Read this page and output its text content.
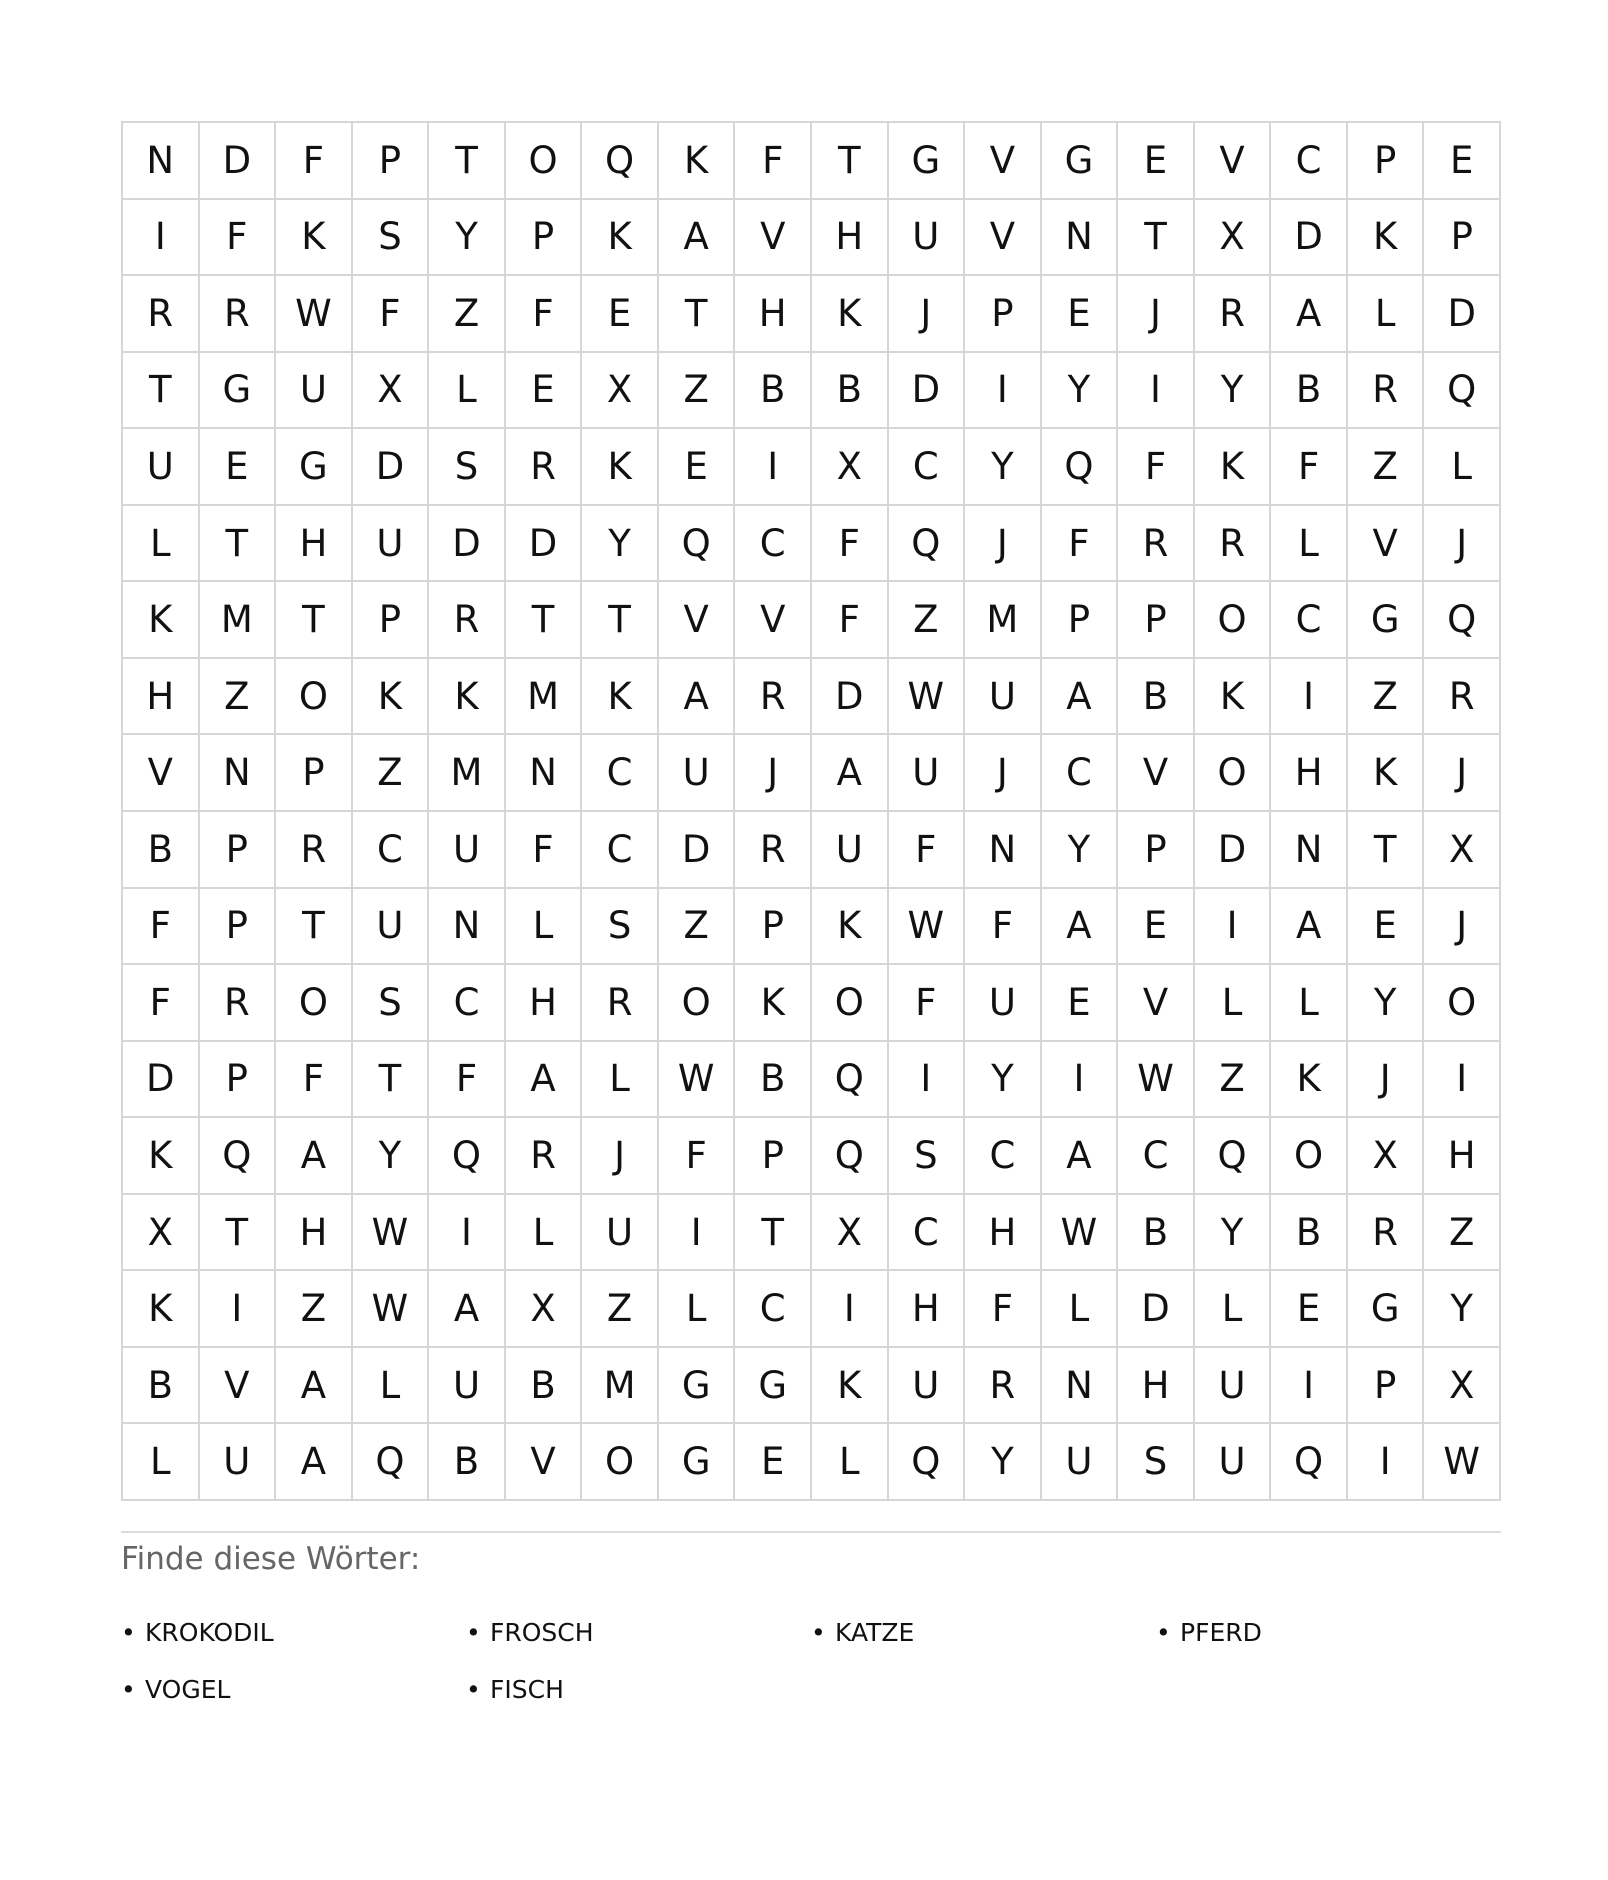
N	D	F	P	T	O	Q	K	F	T	G	V	G	E	V	C	P	E
I	F	K	S	Y	P	K	A	V	H	U	V	N	T	X	D	K	P
R	R	W	F	Z	F	E	T	H	K	J	P	E	J	R	A	L	D
T	G	U	X	L	E	X	Z	B	B	D	I	Y	I	Y	B	R	Q
U	E	G	D	S	R	K	E	I	X	C	Y	Q	F	K	F	Z	L
L	T	H	U	D	D	Y	Q	C	F	Q	J	F	R	R	L	V	J
K	M	T	P	R	T	T	V	V	F	Z	M	P	P	O	C	G	Q
H	Z	O	K	K	M	K	A	R	D	W	U	A	B	K	I	Z	R
V	N	P	Z	M	N	C	U	J	A	U	J	C	V	O	H	K	J
B	P	R	C	U	F	C	D	R	U	F	N	Y	P	D	N	T	X
F	P	T	U	N	L	S	Z	P	K	W	F	A	E	I	A	E	J
F	R	O	S	C	H	R	O	K	O	F	U	E	V	L	L	Y	O
D	P	F	T	F	A	L	W	B	Q	I	Y	I	W	Z	K	J	I
K	Q	A	Y	Q	R	J	F	P	Q	S	C	A	C	Q	O	X	H
X	T	H	W	I	L	U	I	T	X	C	H	W	B	Y	B	R	Z
K	I	Z	W	A	X	Z	L	C	I	H	F	L	D	L	E	G	Y
B	V	A	L	U	B	M	G	G	K	U	R	N	H	U	I	P	X
L	U	A	Q	B	V	O	G	E	L	Q	Y	U	S	U	Q	I	W
Finde diese Wörter:
• KROKODIL	• FROSCH	• KATZE	• PFERD
• VOGEL	• FISCH
